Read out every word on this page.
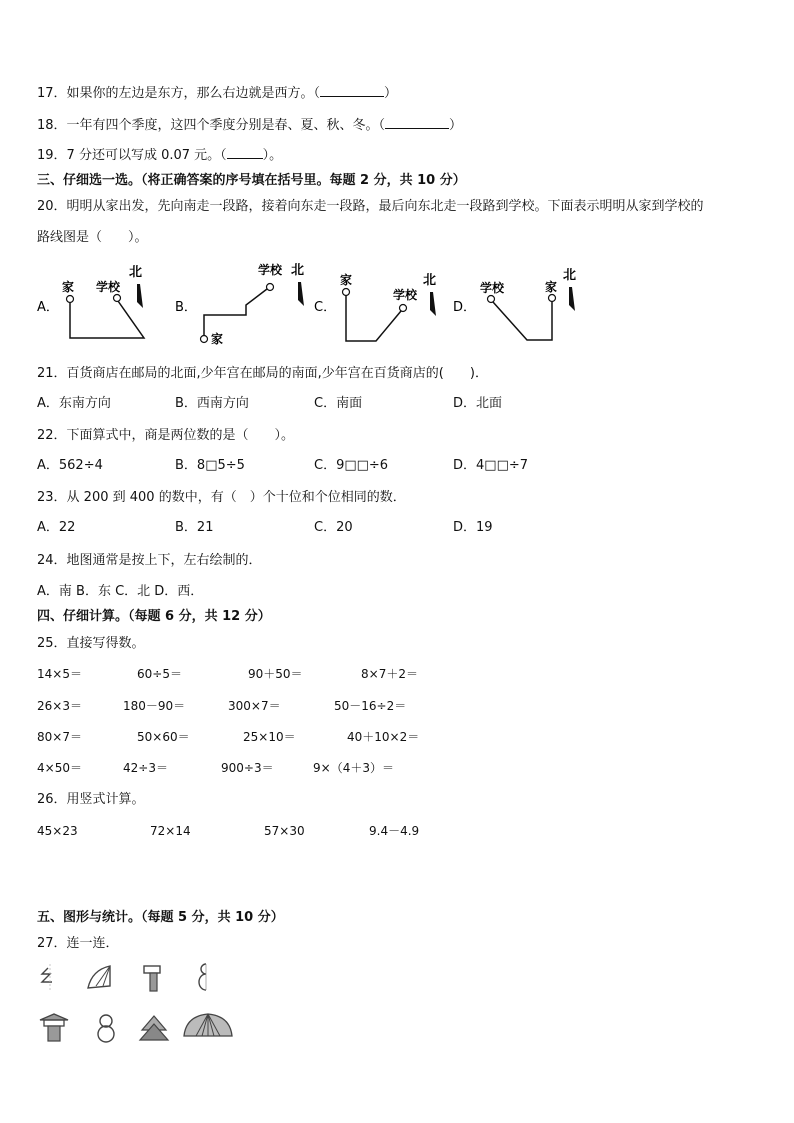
17．如果你的左边是东方，那么右边就是西方。（	）
18．一年有四个季度，这四个季度分别是春、夏、秋、冬。（	）
19．7 分还可以写成 0.07 元。（	）。
三、仔细选一选。（将正确答案的序号填在括号里。每题 2 分，共 10 分）
20．明明从家出发，先向南走一段路，接着向东走一段路，最后向东北走一段路到学校。下面表示明明从家到学校的
路线图是（　　）。
A．
家 学校
北
B．
学校 北
家
C．
家
学校
北
D．
学校	家
北
21．百货商店在邮局的北面,少年宫在邮局的南面,少年宫在百货商店的(　　)．
A．东南方向	B．西南方向	C．南面	D．北面
22．下面算式中，商是两位数的是（　　）。
A．562÷4	B．8□5÷5	C．9□□÷6	D．4□□÷7
23．从 200 到 400 的数中，有（　）个十位和个位相同的数．
A．22	B．21	C．20	D．19
24．地图通常是按上下，左右绘制的．
A．南 B．东 C．北 D．西．
四、仔细计算。（每题 6 分，共 12 分）
25．直接写得数。
14×5＝	60÷5＝	90＋50＝	8×7＋2＝
26×3＝	180－90＝	300×7＝	50－16÷2＝
80×7＝	50×60＝	25×10＝	40＋10×2＝
4×50＝	42÷3＝	900÷3＝	9×（4＋3）＝
26．用竖式计算。
45×23	72×14	57×30	9.4－4.9
五、图形与统计。（每题 5 分，共 10 分）
27．连一连．
